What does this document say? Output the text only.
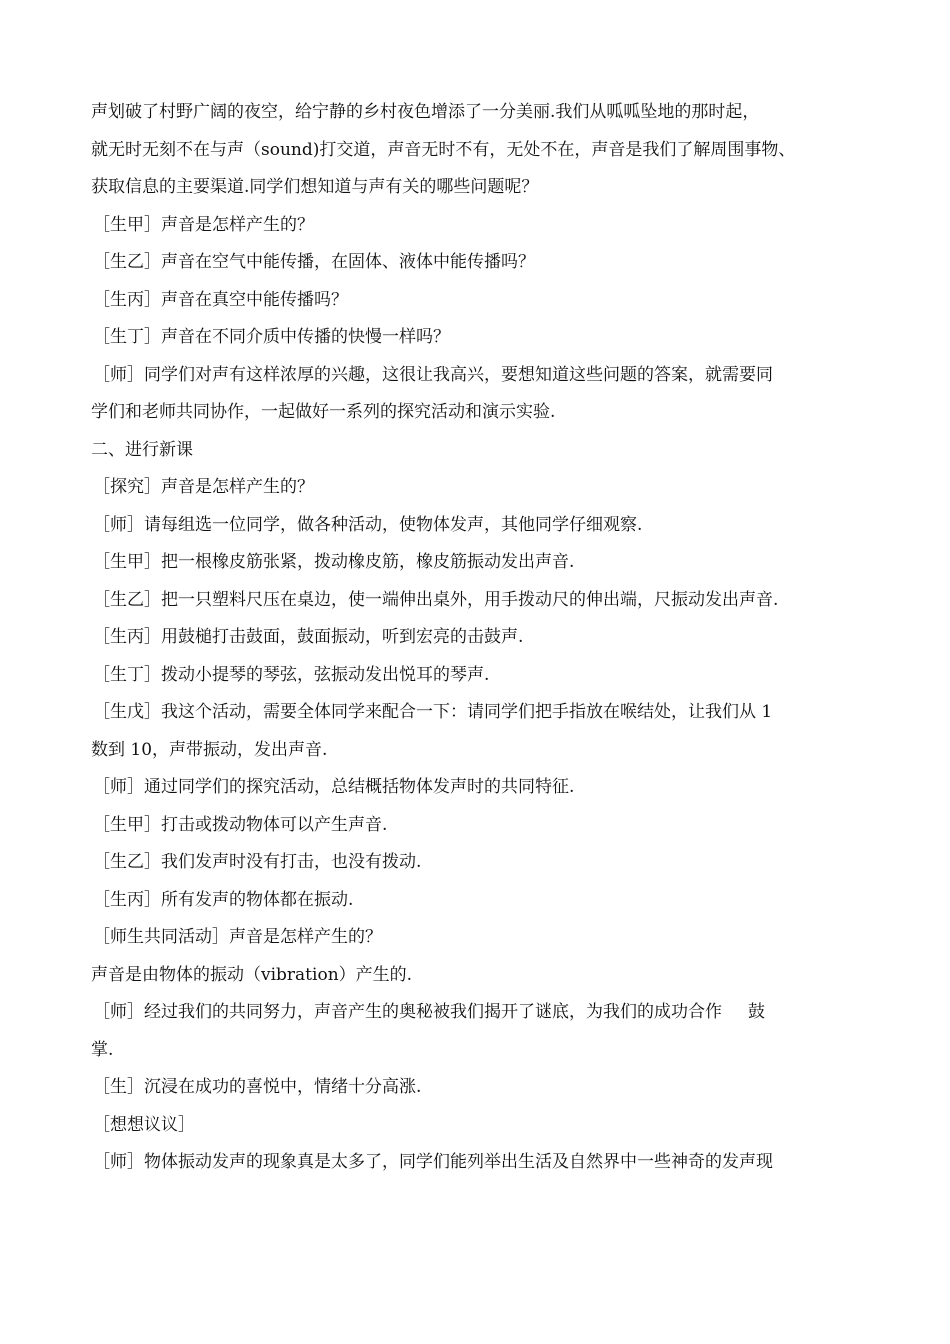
声划破了村野广阔的夜空，给宁静的乡村夜色增添了一分美丽.我们从呱呱坠地的那时起，

就无时无刻不在与声（sound)打交道，声音无时不有，无处不在，声音是我们了解周围事物、

获取信息的主要渠道.同学们想知道与声有关的哪些问题呢？

［生甲］声音是怎样产生的？

［生乙］声音在空气中能传播，在固体、液体中能传播吗？

［生丙］声音在真空中能传播吗？

［生丁］声音在不同介质中传播的快慢一样吗？

［师］同学们对声有这样浓厚的兴趣，这很让我高兴，要想知道这些问题的答案，就需要同

学们和老师共同协作，一起做好一系列的探究活动和演示实验.

二、进行新课

［探究］声音是怎样产生的？

［师］请每组选一位同学，做各种活动，使物体发声，其他同学仔细观察.

［生甲］把一根橡皮筋张紧，拨动橡皮筋，橡皮筋振动发出声音.

［生乙］把一只塑料尺压在桌边，使一端伸出桌外，用手拨动尺的伸出端，尺振动发出声音.

［生丙］用鼓槌打击鼓面，鼓面振动，听到宏亮的击鼓声.

［生丁］拨动小提琴的琴弦，弦振动发出悦耳的琴声.

［生戊］我这个活动，需要全体同学来配合一下：请同学们把手指放在喉结处，让我们从 1

数到 10，声带振动，发出声音.

［师］通过同学们的探究活动，总结概括物体发声时的共同特征.

［生甲］打击或拨动物体可以产生声音.

［生乙］我们发声时没有打击，也没有拨动.

［生丙］所有发声的物体都在振动.

［师生共同活动］声音是怎样产生的？

声音是由物体的振动（vibration）产生的.

［师］经过我们的共同努力，声音产生的奥秘被我们揭开了谜底，为我们的成功合作 鼓

掌.

［生］沉浸在成功的喜悦中，情绪十分高涨.

［想想议议］

［师］物体振动发声的现象真是太多了，同学们能列举出生活及自然界中一些神奇的发声现
